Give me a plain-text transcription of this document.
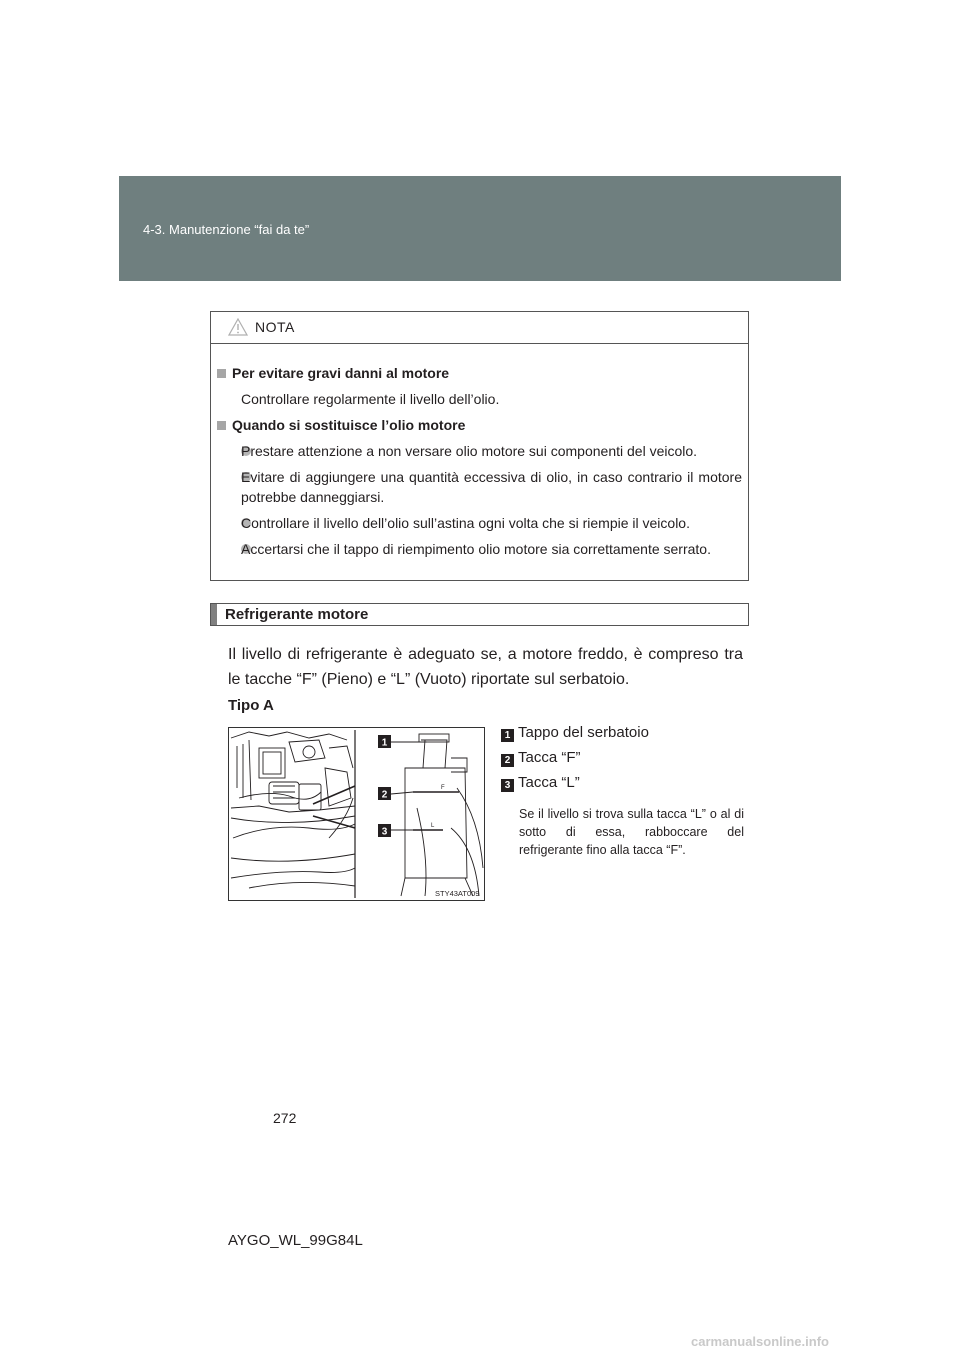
4-3. Manutenzione “fai da te”
NOTA
Per evitare gravi danni al motore
Controllare regolarmente il livello dell’olio.
Quando si sostituisce l’olio motore
Prestare attenzione a non versare olio motore sui componenti del veicolo.
Evitare di aggiungere una quantità eccessiva di olio, in caso contrario il motore potrebbe danneggiarsi.
Controllare il livello dell’olio sull’astina ogni volta che si riempie il veicolo.
Accertarsi che il tappo di riempimento olio motore sia correttamente serrato.
Refrigerante motore
Il livello di refrigerante è adeguato se, a motore freddo, è compreso tra le tacche “F” (Pieno) e “L” (Vuoto) riportate sul serbatoio.
Tipo A
1
2
3
F
L
STY43AT009
1 Tappo del serbatoio
2 Tacca “F”
3 Tacca “L”
Se il livello si trova sulla tacca “L” o al di sotto di essa, rabboccare del refrigerante fino alla tacca “F”.
272
AYGO_WL_99G84L
carmanualsonline.info
